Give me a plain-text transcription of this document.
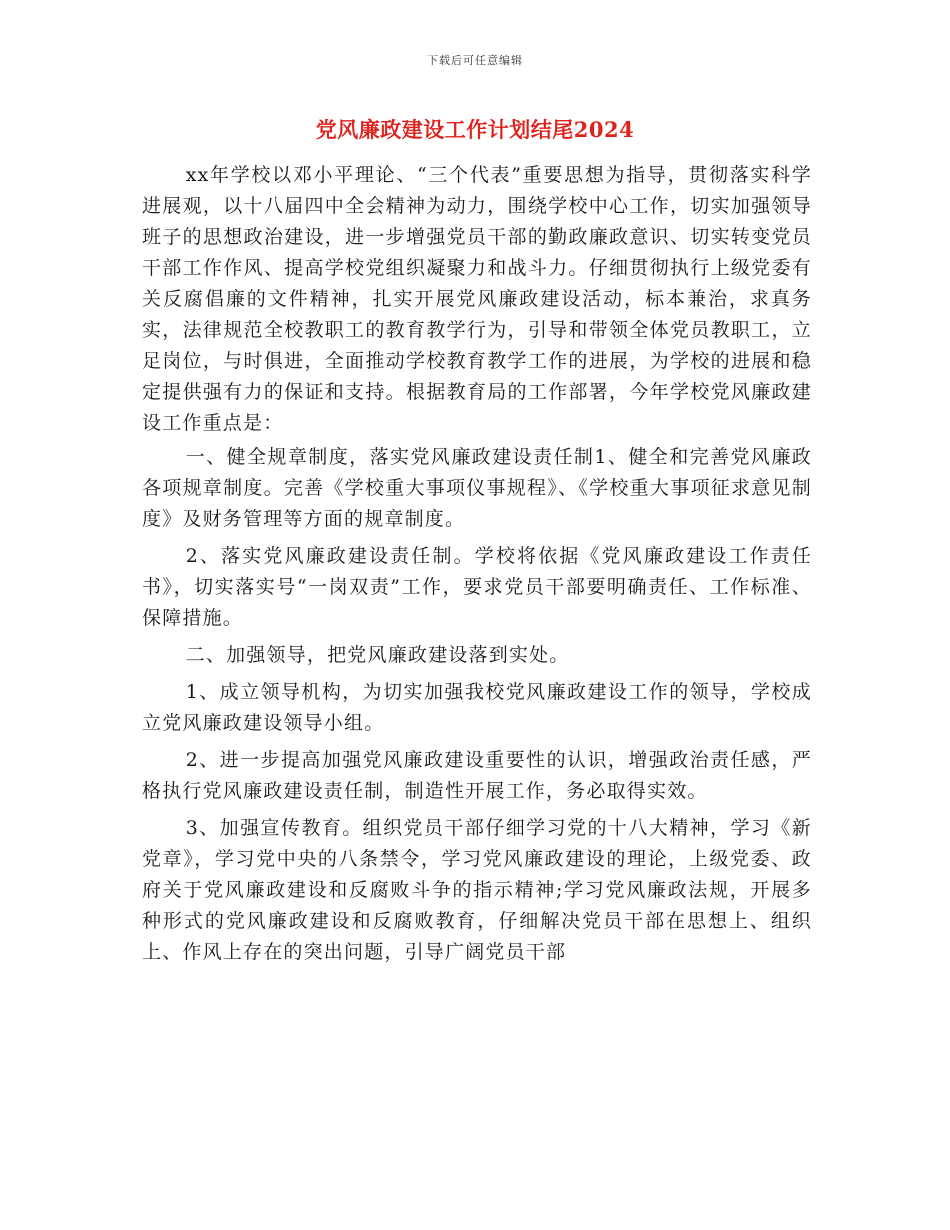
下载后可任意编辑
党风廉政建设工作计划结尾2024

xx年学校以邓小平理论、“三个代表”重要思想为指导，贯彻落实科学进展观，以十八届四中全会精神为动力，围绕学校中心工作，切实加强领导班子的思想政治建设，进一步增强党员干部的勤政廉政意识、切实转变党员干部工作作风、提高学校党组织凝聚力和战斗力。仔细贯彻执行上级党委有关反腐倡廉的文件精神，扎实开展党风廉政建设活动，标本兼治，求真务实，法律规范全校教职工的教育教学行为，引导和带领全体党员教职工，立足岗位，与时俱进，全面推动学校教育教学工作的进展，为学校的进展和稳定提供强有力的保证和支持。根据教育局的工作部署，今年学校党风廉政建设工作重点是：

一、健全规章制度，落实党风廉政建设责任制1、健全和完善党风廉政各项规章制度。完善《学校重大事项仪事规程》、《学校重大事项征求意见制度》及财务管理等方面的规章制度。

2、落实党风廉政建设责任制。学校将依据《党风廉政建设工作责任书》，切实落实号“一岗双责”工作，要求党员干部要明确责任、工作标准、保障措施。

二、加强领导，把党风廉政建设落到实处。

1、成立领导机构，为切实加强我校党风廉政建设工作的领导，学校成立党风廉政建设领导小组。

2、进一步提高加强党风廉政建设重要性的认识，增强政治责任感，严格执行党风廉政建设责任制，制造性开展工作，务必取得实效。

3、加强宣传教育。组织党员干部仔细学习党的十八大精神，学习《新党章》，学习党中央的八条禁令，学习党风廉政建设的理论，上级党委、政府关于党风廉政建设和反腐败斗争的指示精神;学习党风廉政法规，开展多种形式的党风廉政建设和反腐败教育，仔细解决党员干部在思想上、组织上、作风上存在的突出问题，引导广阔党员干部
